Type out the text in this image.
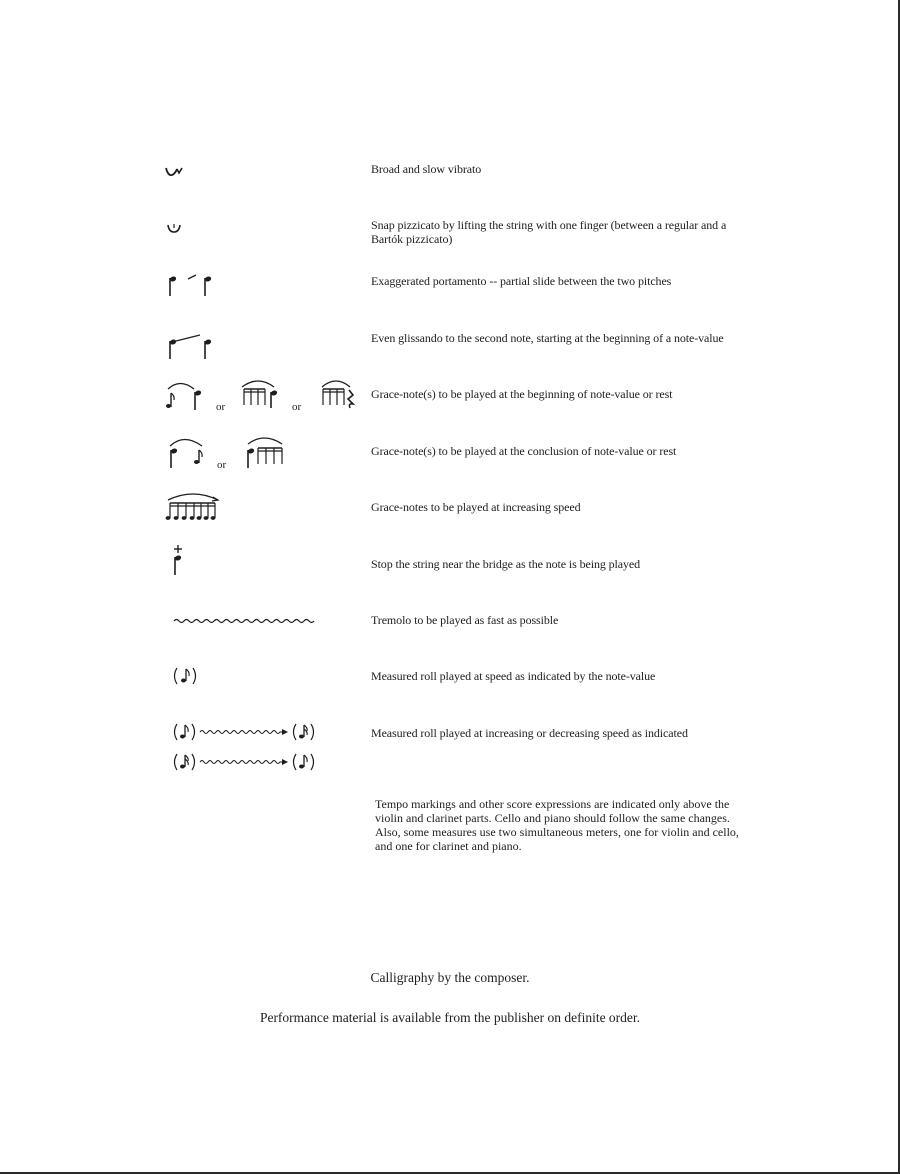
Broad and slow vibrato
Snap pizzicato by lifting the string with one finger (between a regular and a Bartók pizzicato)
Exaggerated portamento -- partial slide between the two pitches
Even glissando to the second note, starting at the beginning of a note-value
or	or
Grace-note(s) to be played at the beginning of note-value or rest
or
Grace-note(s) to be played at the conclusion of note-value or rest
Grace-notes to be played at increasing speed
Stop the string near the bridge as the note is being played
Tremolo to be played as fast as possible
Measured roll played at speed as indicated by the note-value
Measured roll played at increasing or decreasing speed as indicated
Tempo markings and other score expressions are indicated only above the violin and clarinet parts. Cello and piano should follow the same changes. Also, some measures use two simultaneous meters, one for violin and cello, and one for clarinet and piano.
Calligraphy by the composer.
Performance material is available from the publisher on definite order.
